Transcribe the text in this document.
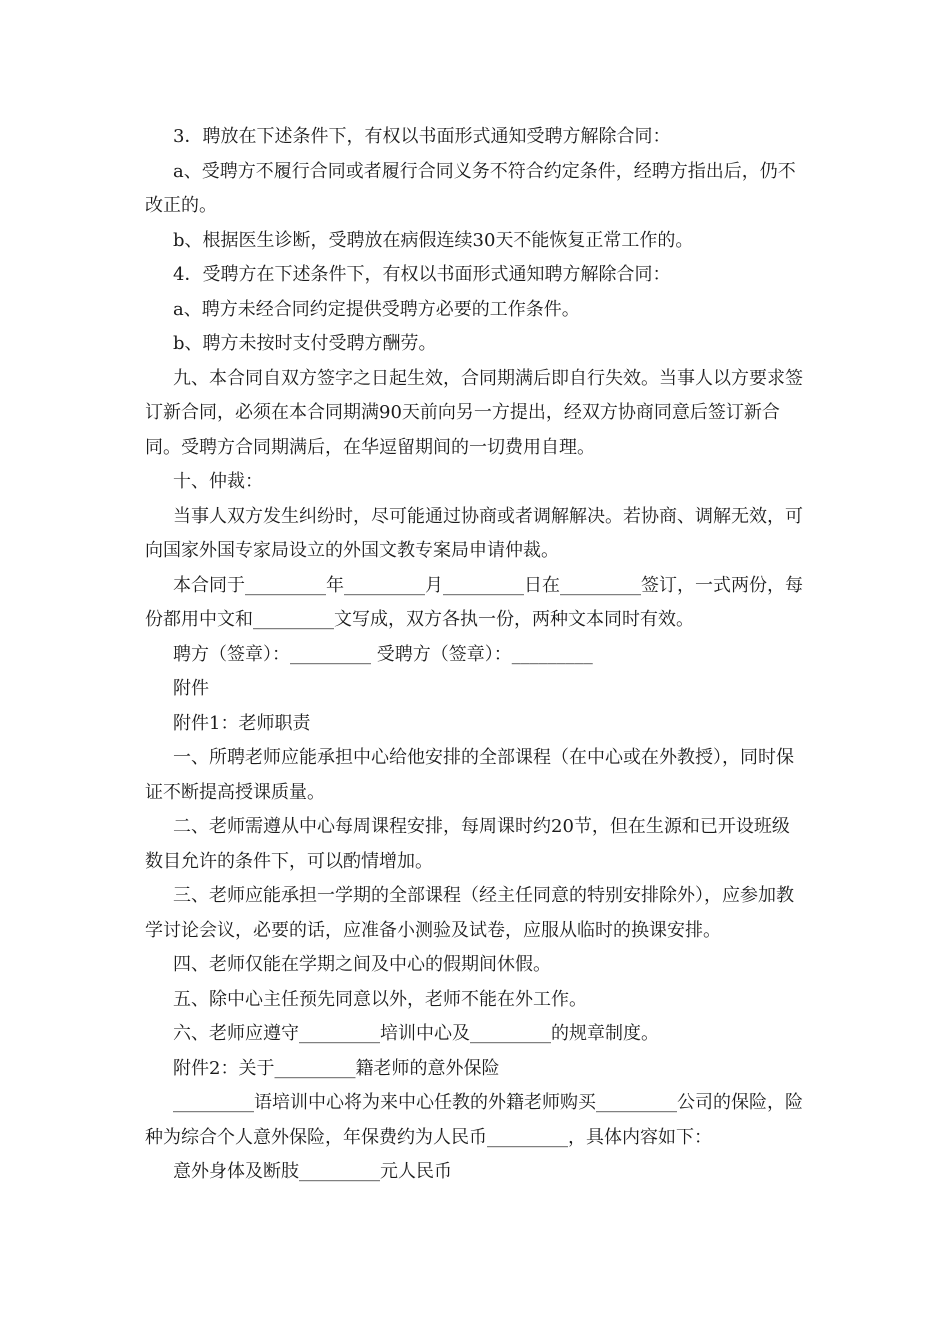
3．聘放在下述条件下，有权以书面形式通知受聘方解除合同：

a、受聘方不履行合同或者履行合同义务不符合约定条件，经聘方指出后，仍不改正的。

b、根据医生诊断，受聘放在病假连续30天不能恢复正常工作的。

4．受聘方在下述条件下，有权以书面形式通知聘方解除合同：

a、聘方未经合同约定提供受聘方必要的工作条件。

b、聘方未按时支付受聘方酬劳。

九、本合同自双方签字之日起生效，合同期满后即自行失效。当事人以方要求签订新合同，必须在本合同期满90天前向另一方提出，经双方协商同意后签订新合同。受聘方合同期满后，在华逗留期间的一切费用自理。

十、仲裁：

当事人双方发生纠纷时，尽可能通过协商或者调解解决。若协商、调解无效，可向国家外国专家局设立的外国文教专案局申请仲裁。

本合同于_________年_________月_________日在_________签订，一式两份，每份都用中文和_________文写成，双方各执一份，两种文本同时有效。

聘方（签章）：_________ 受聘方（签章）：_________

附件

附件1：老师职责

一、所聘老师应能承担中心给他安排的全部课程（在中心或在外教授），同时保证不断提高授课质量。

二、老师需遵从中心每周课程安排，每周课时约20节，但在生源和已开设班级数目允许的条件下，可以酌情增加。

三、老师应能承担一学期的全部课程（经主任同意的特别安排除外），应参加教学讨论会议，必要的话，应准备小测验及试卷，应服从临时的换课安排。

四、老师仅能在学期之间及中心的假期间休假。

五、除中心主任预先同意以外，老师不能在外工作。

六、老师应遵守_________培训中心及_________的规章制度。

附件2：关于_________籍老师的意外保险

_________语培训中心将为来中心任教的外籍老师购买_________公司的保险，险种为综合个人意外保险，年保费约为人民币_________，具体内容如下：

意外身体及断肢_________元人民币
